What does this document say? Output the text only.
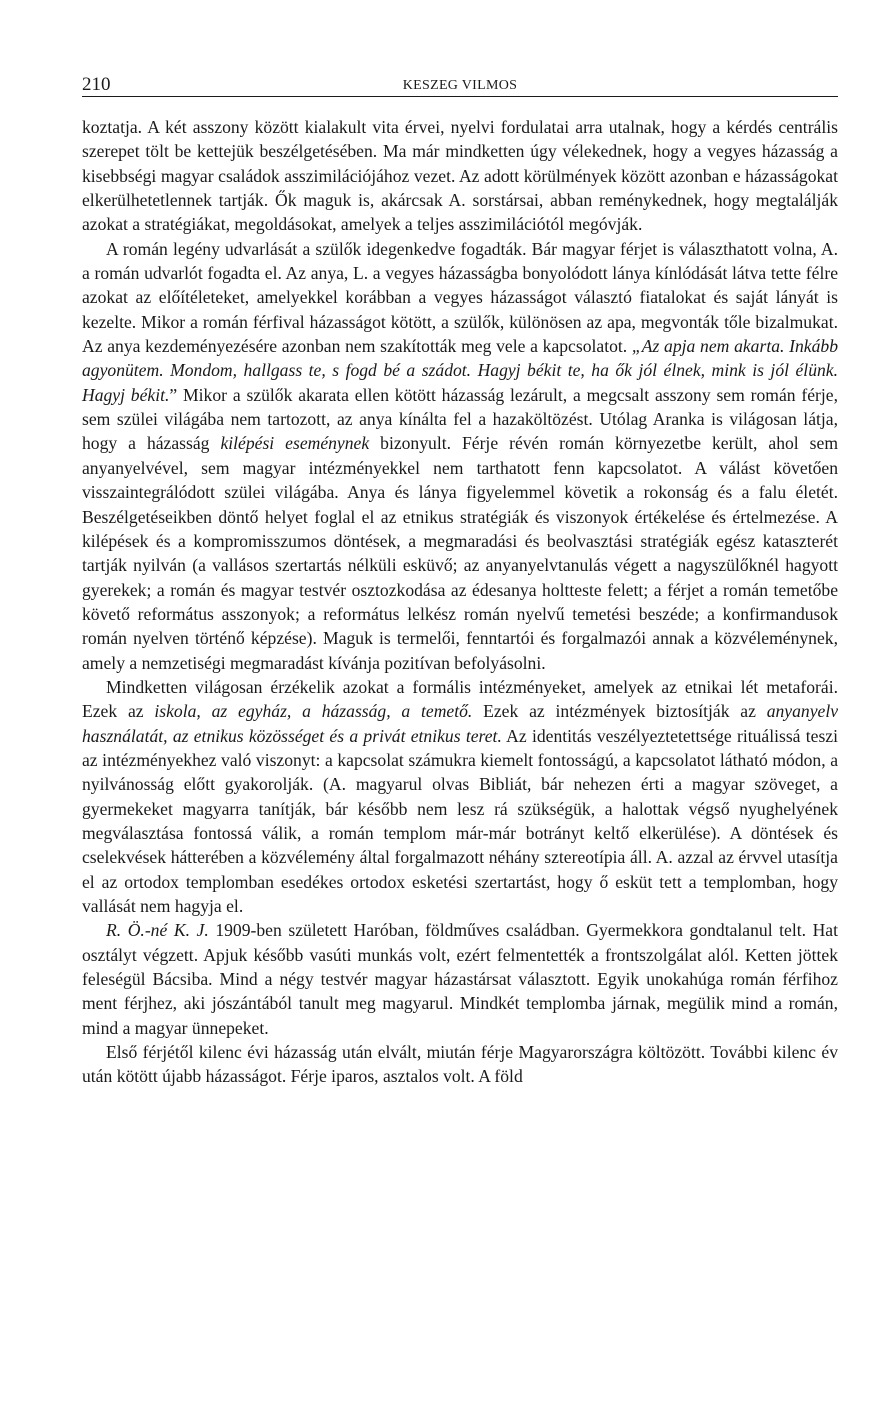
210	KESZEG VILMOS

koztatja. A két asszony között kialakult vita érvei, nyelvi fordulatai arra utalnak, hogy a kérdés centrális szerepet tölt be kettejük beszélgetésében. Ma már mindketten úgy vélekednek, hogy a vegyes házasság a kisebbségi magyar családok asszimilációjához vezet. Az adott körülmények között azonban e házasságokat elkerülhetetlennek tartják. Ők maguk is, akárcsak A. sorstársai, abban reménykednek, hogy megtalálják azokat a stratégiákat, megoldásokat, amelyek a teljes asszimilációtól megóvják.

A román legény udvarlását a szülők idegenkedve fogadták. Bár magyar férjet is választhatott volna, A. a román udvarlót fogadta el. Az anya, L. a vegyes házasságba bonyolódott lánya kínlódását látva tette félre azokat az előítéleteket, amelyekkel korábban a vegyes házasságot választó fiatalokat és saját lányát is kezelte. Mikor a román férfival házasságot kötött, a szülők, különösen az apa, megvonták tőle bizalmukat. Az anya kezdeményezésére azonban nem szakították meg vele a kapcsolatot. „Az apja nem akarta. Inkább agyonütem. Mondom, hallgass te, s fogd bé a szádot. Hagyj békit te, ha ők jól élnek, mink is jól élünk. Hagyj békit.” Mikor a szülők akarata ellen kötött házasság lezárult, a megcsalt asszony sem román férje, sem szülei világába nem tartozott, az anya kínálta fel a hazaköltözést. Utólag Aranka is világosan látja, hogy a házasság kilépési eseménynek bizonyult. Férje révén román környezetbe került, ahol sem anyanyelvével, sem magyar intézményekkel nem tarthatott fenn kapcsolatot. A válást követően visszaintegrálódott szülei világába. Anya és lánya figyelemmel követik a rokonság és a falu életét. Beszélgetéseikben döntő helyet foglal el az etnikus stratégiák és viszonyok értékelése és értelmezése. A kilépések és a kompromisszumos döntések, a megmaradási és beolvasztási stratégiák egész kataszterét tartják nyilván (a vallásos szertartás nélküli esküvő; az anyanyelvtanulás végett a nagyszülőknél hagyott gyerekek; a román és magyar testvér osztozkodása az édesanya holtteste felett; a férjet a román temetőbe követő református asszonyok; a református lelkész román nyelvű temetési beszéde; a konfirmandusok román nyelven történő képzése). Maguk is termelői, fenntartói és forgalmazói annak a közvéleménynek, amely a nemzetiségi megmaradást kívánja pozitívan befolyásolni.

Mindketten világosan érzékelik azokat a formális intézményeket, amelyek az etnikai lét metaforái. Ezek az iskola, az egyház, a házasság, a temető. Ezek az intézmények biztosítják az anyanyelv használatát, az etnikus közösséget és a privát etnikus teret. Az identitás veszélyeztetettsége rituálissá teszi az intézményekhez való viszonyt: a kapcsolat számukra kiemelt fontosságú, a kapcsolatot látható módon, a nyilvánosság előtt gyakorolják. (A. magyarul olvas Bibliát, bár nehezen érti a magyar szöveget, a gyermekeket magyarra tanítják, bár később nem lesz rá szükségük, a halottak végső nyughelyének megválasztása fontossá válik, a román templom már-már botrányt keltő elkerülése). A döntések és cselekvések hátterében a közvélemény által forgalmazott néhány sztereotípia áll. A. azzal az érvvel utasítja el az ortodox templomban esedékes ortodox esketési szertartást, hogy ő esküt tett a templomban, hogy vallását nem hagyja el.

R. Ö.-né K. J. 1909-ben született Haróban, földműves családban. Gyermekkora gondtalanul telt. Hat osztályt végzett. Apjuk később vasúti munkás volt, ezért felmentették a frontszolgálat alól. Ketten jöttek feleségül Bácsiba. Mind a négy testvér magyar házastársat választott. Egyik unokahúga román férfihoz ment férjhez, aki jószántából tanult meg magyarul. Mindkét templomba járnak, megülik mind a román, mind a magyar ünnepeket.

Első férjétől kilenc évi házasság után elvált, miután férje Magyarországra költözött. További kilenc év után kötött újabb házasságot. Férje iparos, asztalos volt. A föld
